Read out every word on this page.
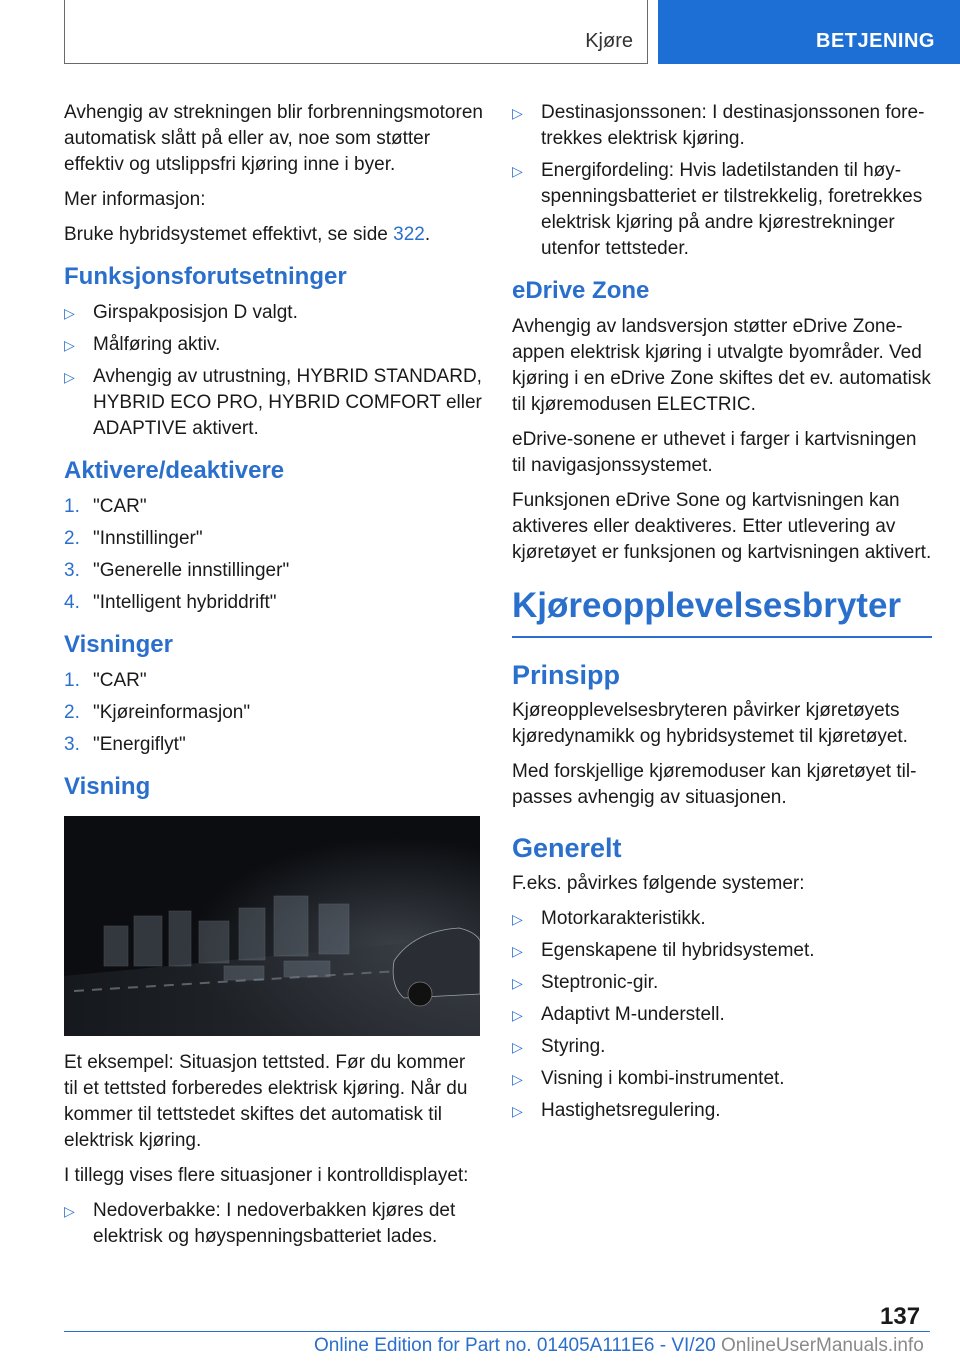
Kjøre	BETJENING

Avhengig av strekningen blir forbrenningsmotoren automatisk slått på eller av, noe som støtter effektiv og utslippsfri kjøring inne i byer.

Mer informasjon:

Bruke hybridsystemet effektivt, se side 322.

Funksjonsforutsetninger
▷ Girspakposisjon D valgt.
▷ Målføring aktiv.
▷ Avhengig av utrustning, HYBRID STANDARD, HYBRID ECO PRO, HYBRID COMFORT eller ADAPTIVE aktivert.
Aktivere/deaktivere
1. "CAR"
2. "Innstillinger"
3. "Generelle innstillinger"
4. "Intelligent hybriddrift"
Visninger
1. "CAR"
2. "Kjøreinformasjon"
3. "Energiflyt"
Visning

Et eksempel: Situasjon tettsted. Før du kommer til et tettsted forberedes elektrisk kjøring. Når du kommer til tettstedet skiftes det automatisk til elektrisk kjøring.

I tillegg vises flere situasjoner i kontrolldisplayet:

▷ Nedoverbakke: I nedoverbakken kjøres det elektrisk og høyspenningsbatteriet lades.
▷ Destinasjonssonen: I destinasjonssonen foretrekkes elektrisk kjøring.
▷ Energifordeling: Hvis ladetilstanden til høyspenningsbatteriet er tilstrekkelig, foretrekkes elektrisk kjøring på andre kjørestrekninger utenfor tettsteder.
eDrive Zone

Avhengig av landsversjon støtter eDrive Zone-appen elektrisk kjøring i utvalgte byområder. Ved kjøring i en eDrive Zone skiftes det ev. automatisk til kjøremodusen ELECTRIC.

eDrive-sonene er uthevet i farger i kartvisningen til navigasjonssystemet.

Funksjonen eDrive Sone og kartvisningen kan aktiveres eller deaktiveres. Etter utlevering av kjøretøyet er funksjonen og kartvisningen aktivert.

Kjøreopplevelsesbryter
Prinsipp

Kjøreopplevelsesbryteren påvirker kjøretøyets kjøredynamikk og hybridsystemet til kjøretøyet.

Med forskjellige kjøremoduser kan kjøretøyet tilpasses avhengig av situasjonen.

Generelt

F.eks. påvirkes følgende systemer:

▷ Motorkarakteristikk.
▷ Egenskapene til hybridsystemet.
▷ Steptronic-gir.
▷ Adaptivt M-understell.
▷ Styring.
▷ Visning i kombi-instrumentet.
▷ Hastighetsregulering.
137
Online Edition for Part no. 01405A111E6 - VI/20 OnlineUserManuals.info
